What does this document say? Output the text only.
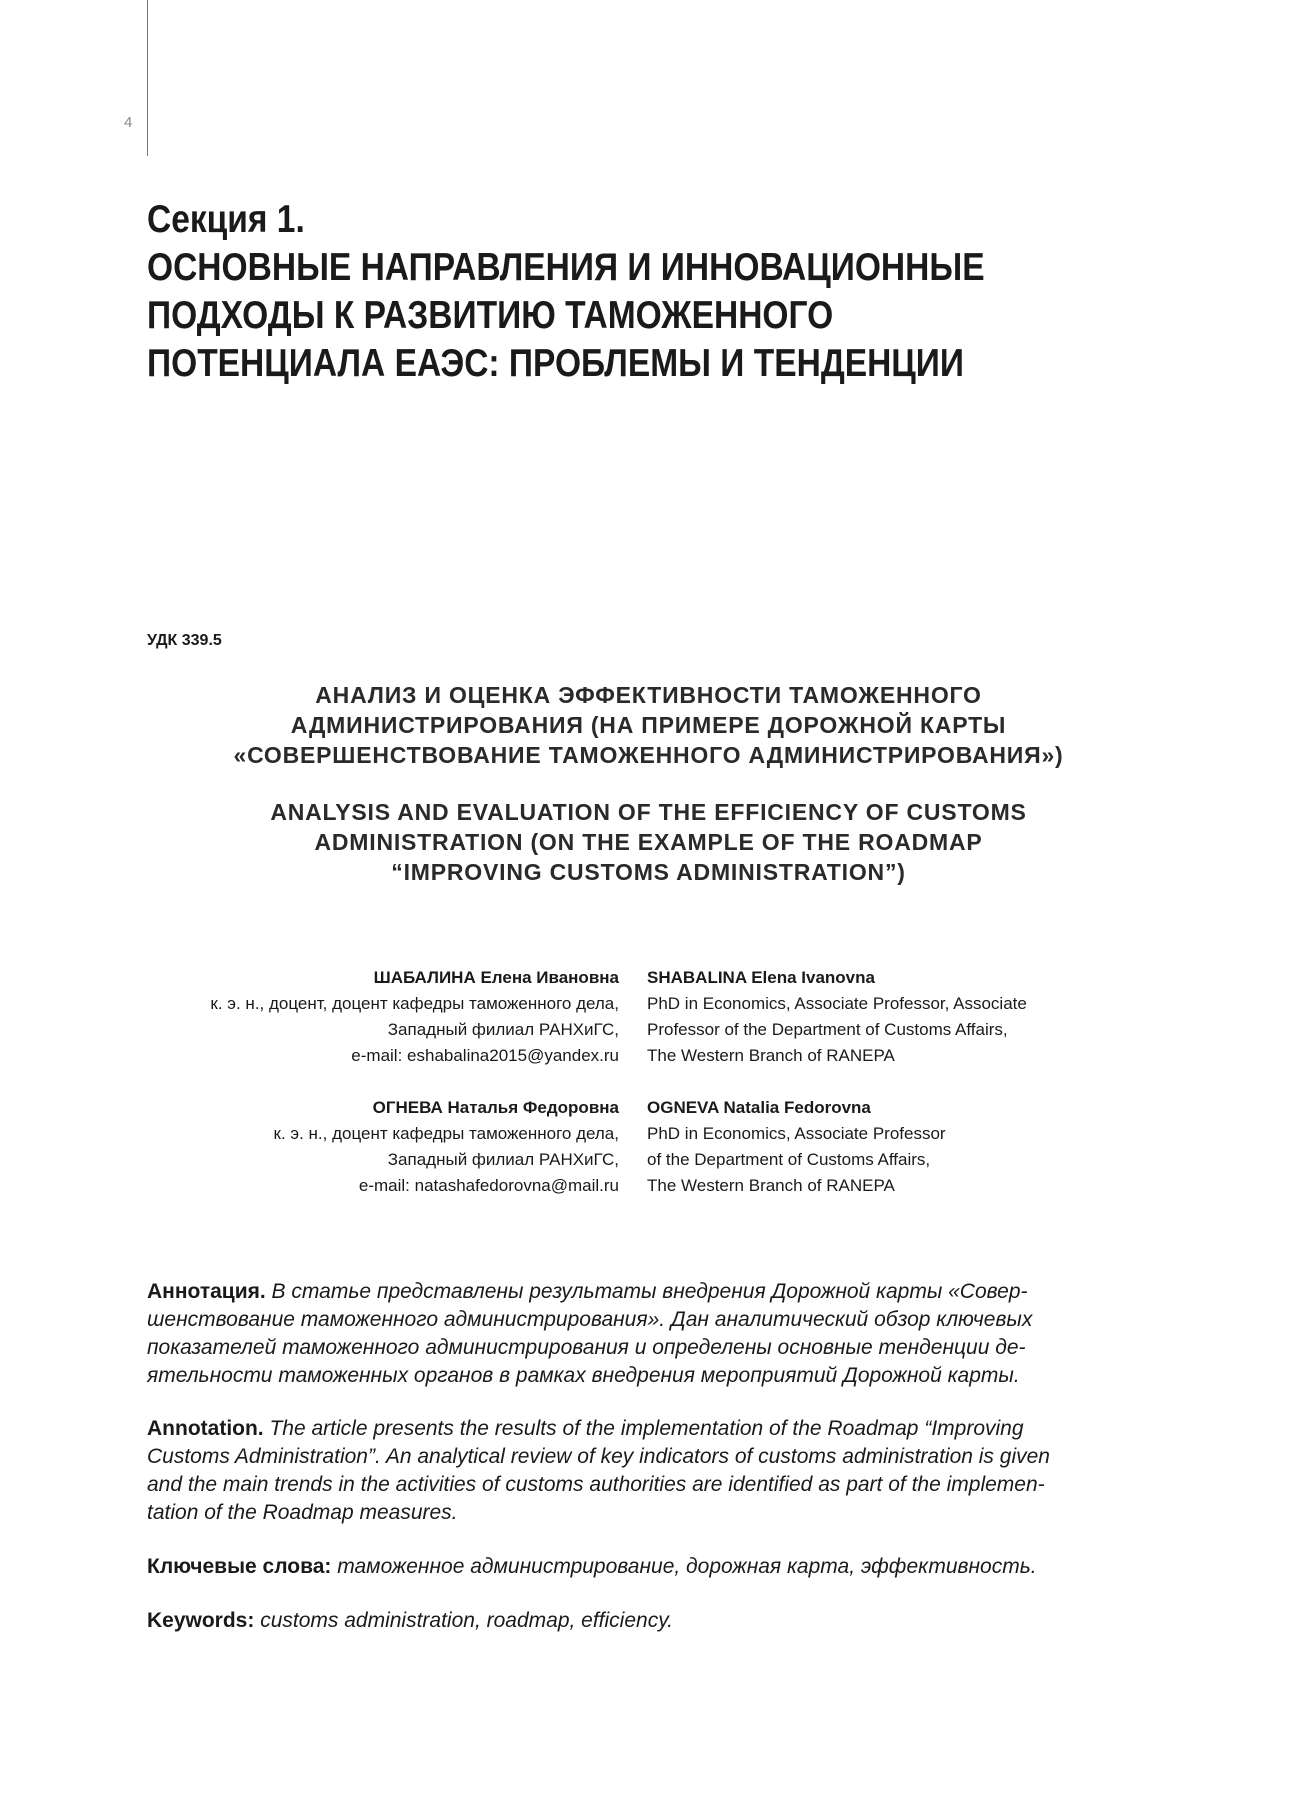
4
Секция 1.
ОСНОВНЫЕ НАПРАВЛЕНИЯ И ИННОВАЦИОННЫЕ
ПОДХОДЫ К РАЗВИТИЮ ТАМОЖЕННОГО
ПОТЕНЦИАЛА ЕАЭС: ПРОБЛЕМЫ И ТЕНДЕНЦИИ
УДК 339.5
АНАЛИЗ И ОЦЕНКА ЭФФЕКТИВНОСТИ ТАМОЖЕННОГО
АДМИНИСТРИРОВАНИЯ (НА ПРИМЕРЕ ДОРОЖНОЙ КАРТЫ
«СОВЕРШЕНСТВОВАНИЕ ТАМОЖЕННОГО АДМИНИСТРИРОВАНИЯ»)
ANALYSIS AND EVALUATION OF THE EFFICIENCY OF CUSTOMS
ADMINISTRATION (ON THE EXAMPLE OF THE ROADMAP
“IMPROVING CUSTOMS ADMINISTRATION”)
ШАБАЛИНА Елена Ивановна
к. э. н., доцент, доцент кафедры таможенного дела,
Западный филиал РАНХиГС,
e-mail: eshabalina2015@yandex.ru
SHABALINA Elena Ivanovna
PhD in Economics, Associate Professor, Associate
Professor of the Department of Customs Affairs,
The Western Branch of RANEPA
ОГНЕВА Наталья Федоровна
к. э. н., доцент кафедры таможенного дела,
Западный филиал РАНХиГС,
e-mail: natashafedorovna@mail.ru
OGNEVA Natalia Fedorovna
PhD in Economics, Associate Professor
of the Department of Customs Affairs,
The Western Branch of RANEPA

Аннотация. В статье представлены результаты внедрения Дорожной карты «Совер-
шенствование таможенного администрирования». Дан аналитический обзор ключевых
показателей таможенного администрирования и определены основные тенденции де-
ятельности таможенных органов в рамках внедрения мероприятий Дорожной карты.

Annotation. The article presents the results of the implementation of the Roadmap “Improving
Customs Administration”. An analytical review of key indicators of customs administration is given
and the main trends in the activities of customs authorities are identified as part of the implemen-
tation of the Roadmap measures.

Ключевые слова: таможенное администрирование, дорожная карта, эффективность.

Keywords: customs administration, roadmap, efficiency.
